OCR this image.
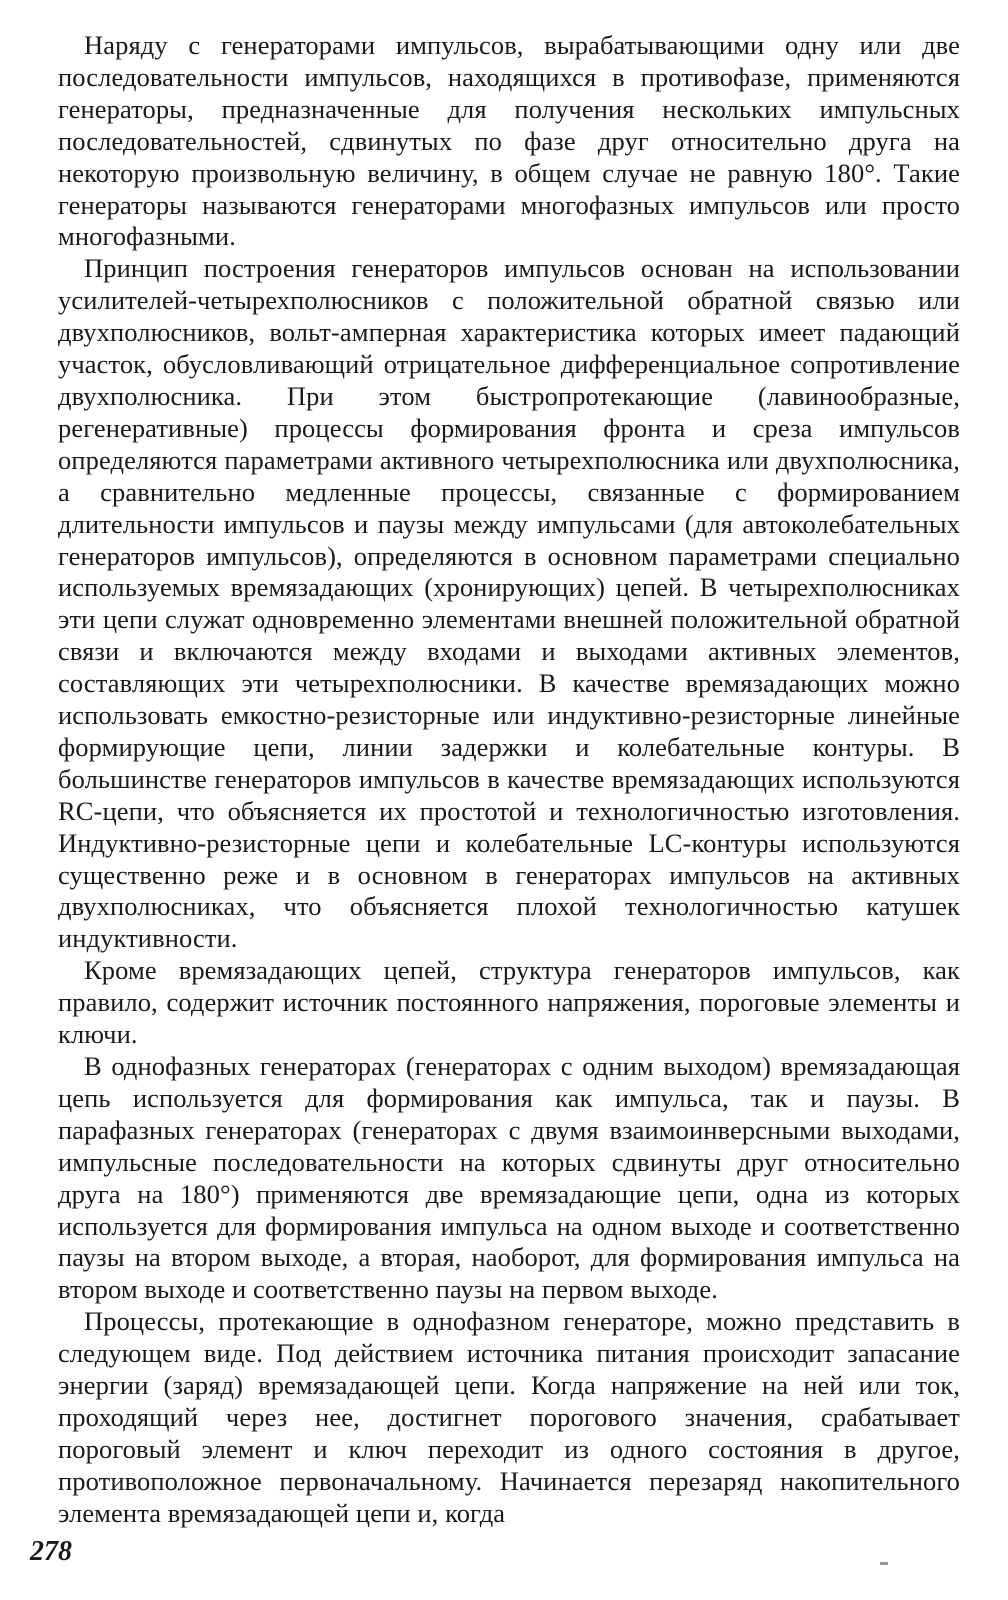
Наряду с генераторами импульсов, вырабатывающими одну или две последовательности импульсов, находящихся в противофазе, применяются генераторы, предназначенные для получения нескольких импульсных последовательностей, сдвинутых по фазе друг относительно друга на некоторую произвольную величину, в общем случае не равную 180°. Такие генераторы называются генераторами многофазных импульсов или просто многофазными.

Принцип построения генераторов импульсов основан на использовании усилителей-четырехполюсников с положительной обратной связью или двухполюсников, вольт-амперная характеристика которых имеет падающий участок, обусловливающий отрицательное дифференциальное сопротивление двухполюсника. При этом быстропротекающие (лавинообразные, регенеративные) процессы формирования фронта и среза импульсов определяются параметрами активного четырехполюсника или двухполюсника, а сравнительно медленные процессы, связанные с формированием длительности импульсов и паузы между импульсами (для автоколебательных генераторов импульсов), определяются в основном параметрами специально используемых времязадающих (хронирующих) цепей. В четырехполюсниках эти цепи служат одновременно элементами внешней положительной обратной связи и включаются между входами и выходами активных элементов, составляющих эти четырехполюсники. В качестве времязадающих можно использовать емкостно-резисторные или индуктивно-резисторные линейные формирующие цепи, линии задержки и колебательные контуры. В большинстве генераторов импульсов в качестве времязадающих используются RC-цепи, что объясняется их простотой и технологичностью изготовления. Индуктивно-резисторные цепи и колебательные LC-контуры используются существенно реже и в основном в генераторах импульсов на активных двухполюсниках, что объясняется плохой технологичностью катушек индуктивности.

Кроме времязадающих цепей, структура генераторов импульсов, как правило, содержит источник постоянного напряжения, пороговые элементы и ключи.

В однофазных генераторах (генераторах с одним выходом) времязадающая цепь используется для формирования как импульса, так и паузы. В парафазных генераторах (генераторах с двумя взаимоинверсными выходами, импульсные последовательности на которых сдвинуты друг относительно друга на 180°) применяются две времязадающие цепи, одна из которых используется для формирования импульса на одном выходе и соответственно паузы на втором выходе, а вторая, наоборот, для формирования импульса на втором выходе и соответственно паузы на первом выходе.

Процессы, протекающие в однофазном генераторе, можно представить в следующем виде. Под действием источника питания происходит запасание энергии (заряд) времязадающей цепи. Когда напряжение на ней или ток, проходящий через нее, достигнет порогового значения, срабатывает пороговый элемент и ключ переходит из одного состояния в другое, противоположное первоначальному. Начинается перезаряд накопительного элемента времязадающей цепи и, когда

278
